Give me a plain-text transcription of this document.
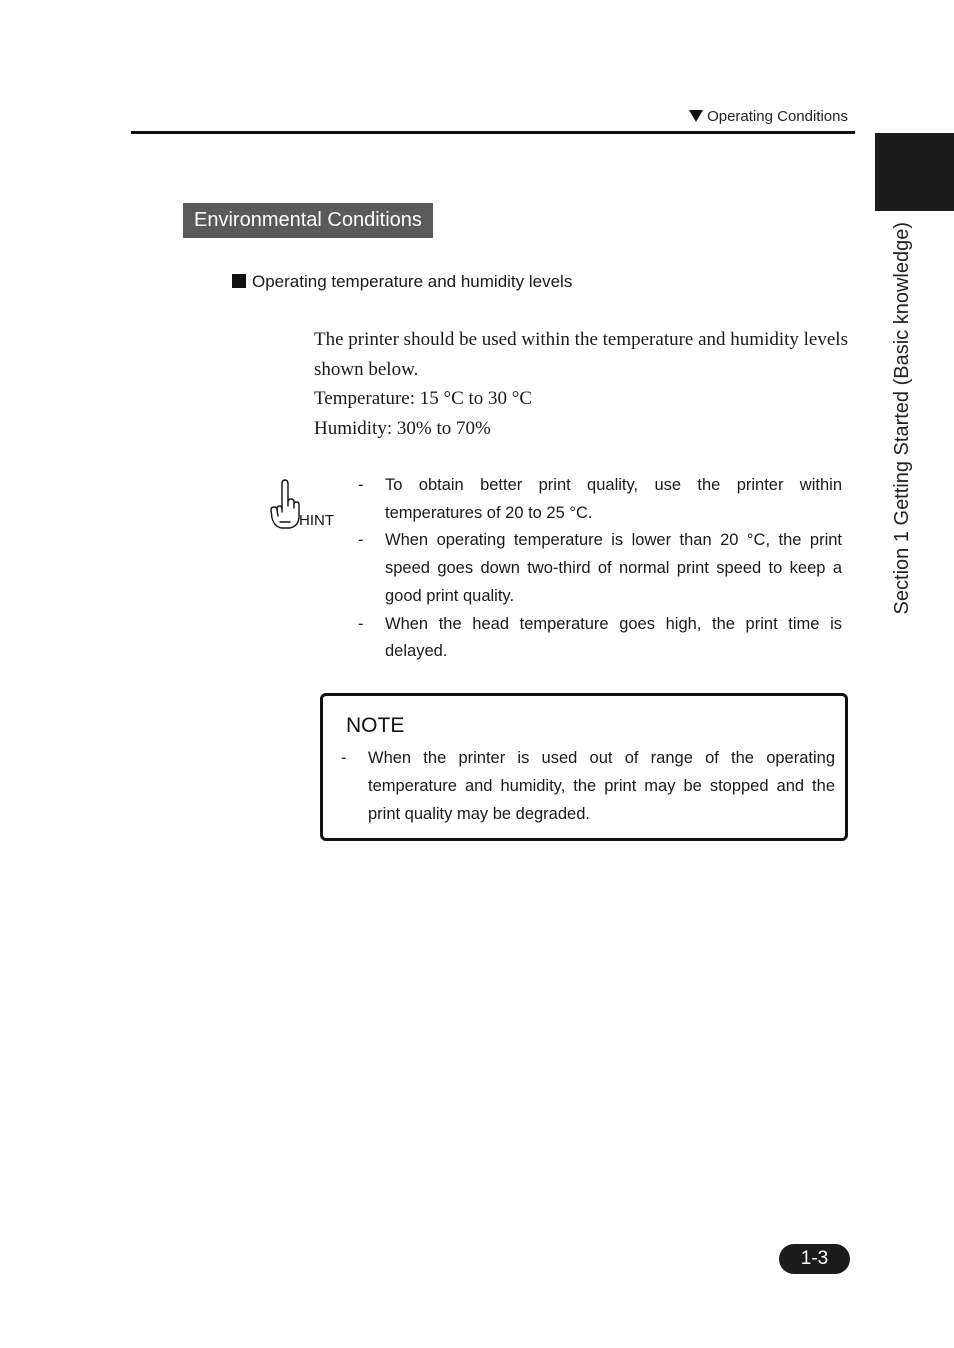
Operating Conditions
Section 1 Getting Started (Basic knowledge)
Environmental Conditions
Operating temperature and humidity levels

The printer should be used within the temperature and humidity levels shown below.

Temperature: 15 °C to 30 °C

Humidity: 30% to 70%

HINT
- To obtain better print quality, use the printer within temperatures of 20 to 25 °C.
- When operating temperature is lower than 20 °C, the print speed goes down two-third of normal print speed to keep a good print quality.
- When the head temperature goes high, the print time is delayed.
NOTE
- When the printer is used out of range of the operating temperature and humidity, the print may be stopped and the print quality may be degraded.
1-3
